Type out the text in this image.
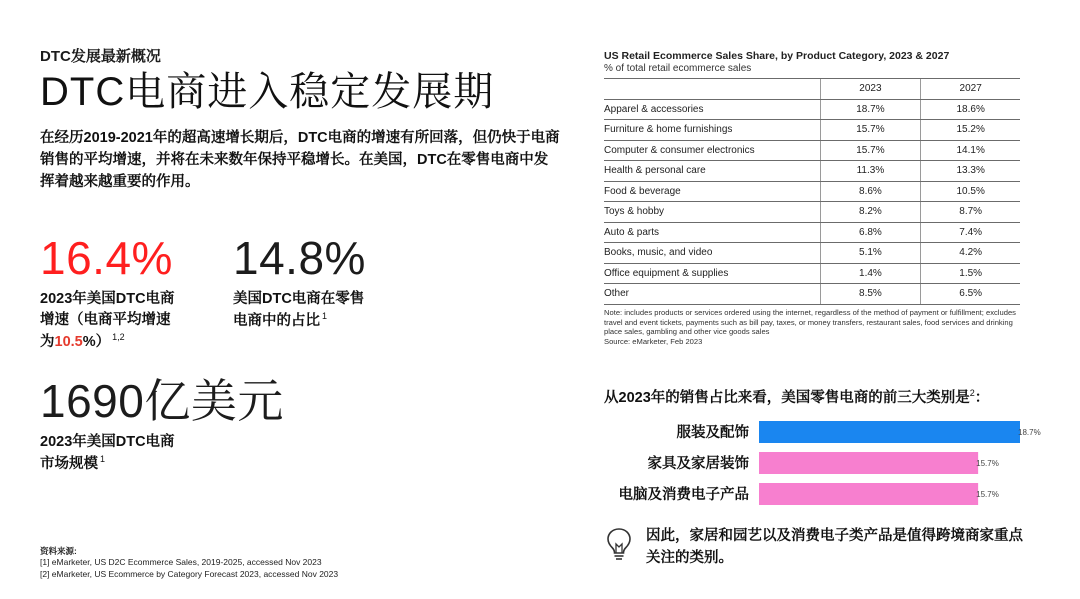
DTC发展最新概况
DTC电商进入稳定发展期
在经历2019-2021年的超高速增长期后，DTC电商的增速有所回落，但仍快于电商销售的平均增速，并将在未来数年保持平稳增长。在美国，DTC在零售电商中发挥着越来越重要的作用。
16.4%
2023年美国DTC电商
增速（电商平均增速
为10.5%） $^{1,2}$
14.8%
美国DTC电商在零售
电商中的占比 $^1$
1690亿美元
2023年美国DTC电商
市场规模 $^1$
资料来源:
[1] eMarketer, US D2C Ecommerce Sales, 2019-2025, accessed Nov 2023
[2] eMarketer, US Ecommerce by Category Forecast 2023, accessed Nov 2023
US Retail Ecommerce Sales Share, by Product Category, 2023 & 2027
% of total retail ecommerce sales
	2023	2027
Apparel & accessories	18.7%	18.6%
Furniture & home furnishings	15.7%	15.2%
Computer & consumer electronics	15.7%	14.1%
Health & personal care	11.3%	13.3%
Food & beverage	8.6%	10.5%
Toys & hobby	8.2%	8.7%
Auto & parts	6.8%	7.4%
Books, music, and video	5.1%	4.2%
Office equipment & supplies	1.4%	1.5%
Other	8.5%	6.5%
Note: includes products or services ordered using the internet, regardless of the method of payment or fulfillment; excludes travel and event tickets, payments such as bill pay, taxes, or money transfers, restaurant sales, food services and drinking place sales, gambling and other vice goods sales
Source: eMarketer, Feb 2023
从2023年的销售占比来看，美国零售电商的前三大类别是$^2$：
服装及配饰	18.7%
家具及家居装饰	15.7%
电脑及消费电子产品	15.7%
因此，家居和园艺以及消费电子类产品是值得跨境商家重点关注的类别。
